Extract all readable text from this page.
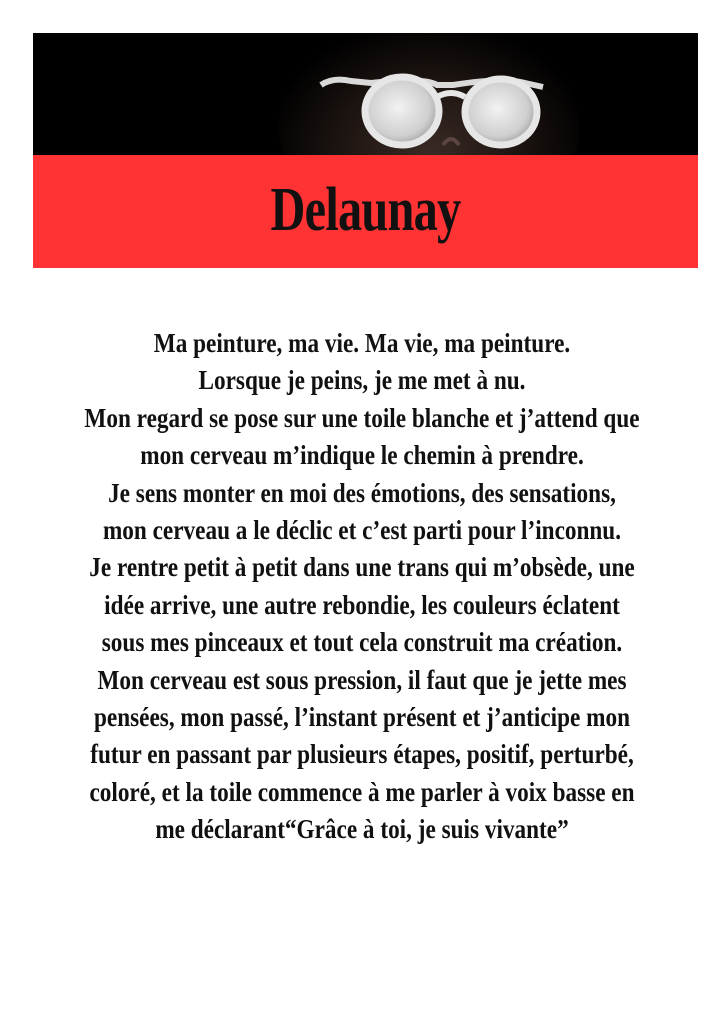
Delaunay
Ma peinture, ma vie. Ma vie, ma peinture.
Lorsque je peins, je me met à nu.
Mon regard se pose sur une toile blanche et j’attend que
mon cerveau m’indique le chemin à prendre.
Je sens monter en moi des émotions, des sensations,
mon cerveau a le déclic et c’est parti pour l’inconnu.
Je rentre petit à petit dans une trans qui m’obsède, une
idée arrive, une autre rebondie, les couleurs éclatent
sous mes pinceaux et tout cela construit ma création.
Mon cerveau est sous pression, il faut que je jette mes
pensées, mon passé, l’instant présent et j’anticipe mon
futur en passant par plusieurs étapes, positif, perturbé,
coloré, et la toile commence à me parler à voix basse en
me déclarant“Grâce à toi, je suis vivante”
